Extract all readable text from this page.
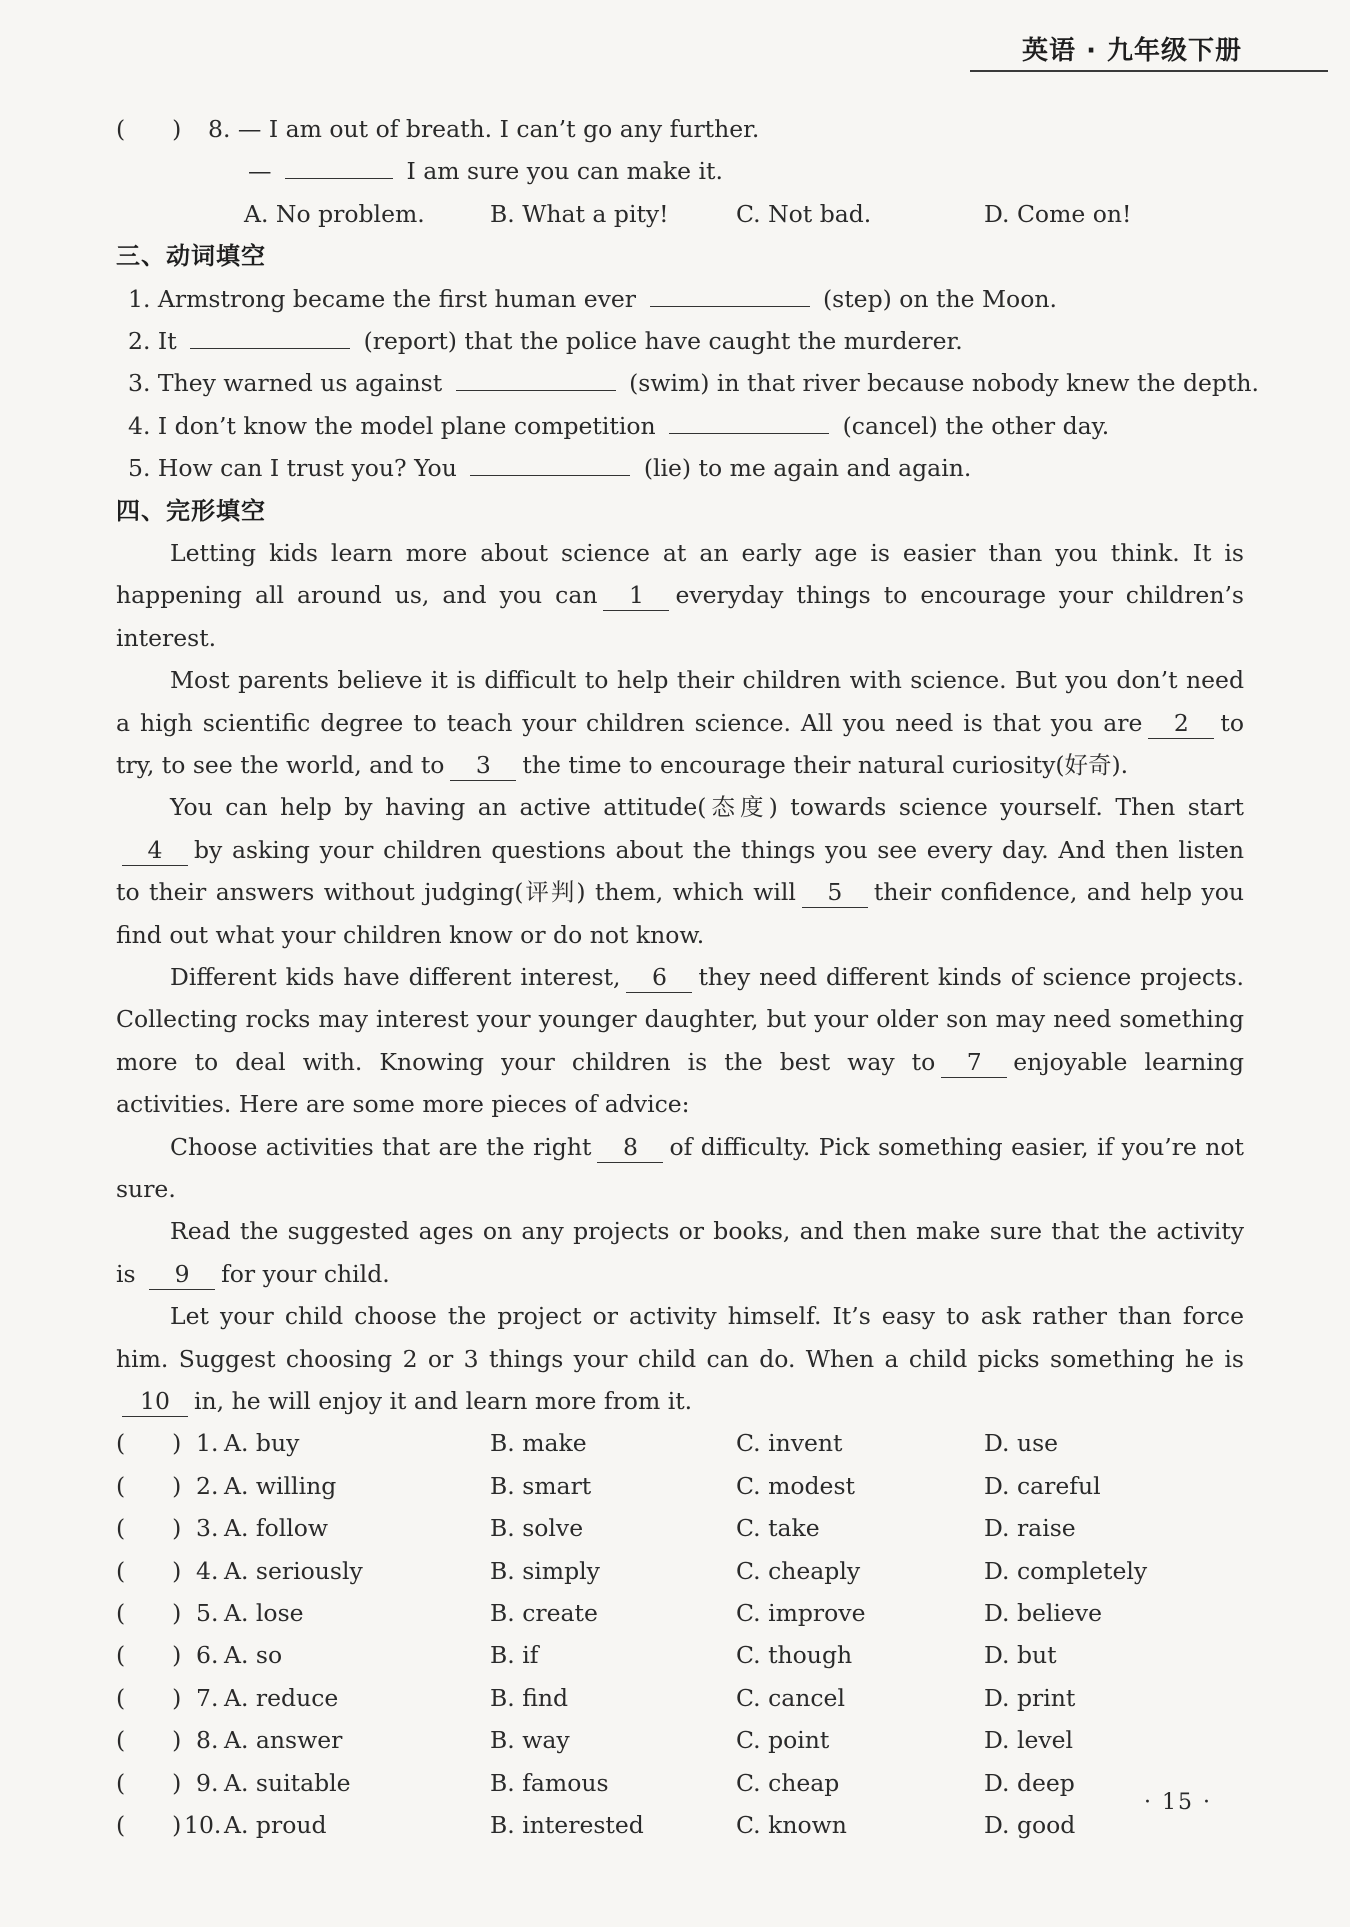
英语 · 九年级下册
(　　) 8. — I am out of breath. I can’t go any further.
—	I am sure you can make it.
A. No problem.	B. What a pity!	C. Not bad.	D. Come on!
三、动词填空
1. Armstrong became the first human ever	(step) on the Moon.
2. It	(report) that the police have caught the murderer.
3. They warned us against	(swim) in that river because nobody knew the depth.
4. I don’t know the model plane competition	(cancel) the other day.
5. How can I trust you? You	(lie) to me again and again.
四、完形填空
Letting kids learn more about science at an early age is easier than you think. It is happening all around us, and you can 1 everyday things to encourage your children’s interest.
Most parents believe it is difficult to help their children with science. But you don’t need a high scientific degree to teach your children science. All you need is that you are 2 to try, to see the world, and to 3 the time to encourage their natural curiosity(好奇).
You can help by having an active attitude(态度) towards science yourself. Then start 4 by asking your children questions about the things you see every day. And then listen to their answers without judging(评判) them, which will 5 their confidence, and help you find out what your children know or do not know.
Different kids have different interest, 6 they need different kinds of science projects. Collecting rocks may interest your younger daughter, but your older son may need something more to deal with. Knowing your children is the best way to 7 enjoyable learning activities. Here are some more pieces of advice:
Choose activities that are the right 8 of difficulty. Pick something easier, if you’re not sure.
Read the suggested ages on any projects or books, and then make sure that the activity is 9 for your child.
Let your child choose the project or activity himself. It’s easy to ask rather than force him. Suggest choosing 2 or 3 things your child can do. When a child picks something he is10 in, he will enjoy it and learn more from it.
(　　) 1. A. buy	B. make	C. invent	D. use
(　　) 2. A. willing	B. smart	C. modest	D. careful
(　　) 3. A. follow	B. solve	C. take	D. raise
(　　) 4. A. seriously	B. simply	C. cheaply	D. completely
(　　) 5. A. lose	B. create	C. improve	D. believe
(　　) 6. A. so	B. if	C. though	D. but
(　　) 7. A. reduce	B. find	C. cancel	D. print
(　　) 8. A. answer	B. way	C. point	D. level
(　　) 9. A. suitable	B. famous	C. cheap	D. deep
(　　) 10. A. proud	B. interested	C. known	D. good
· 15 ·
